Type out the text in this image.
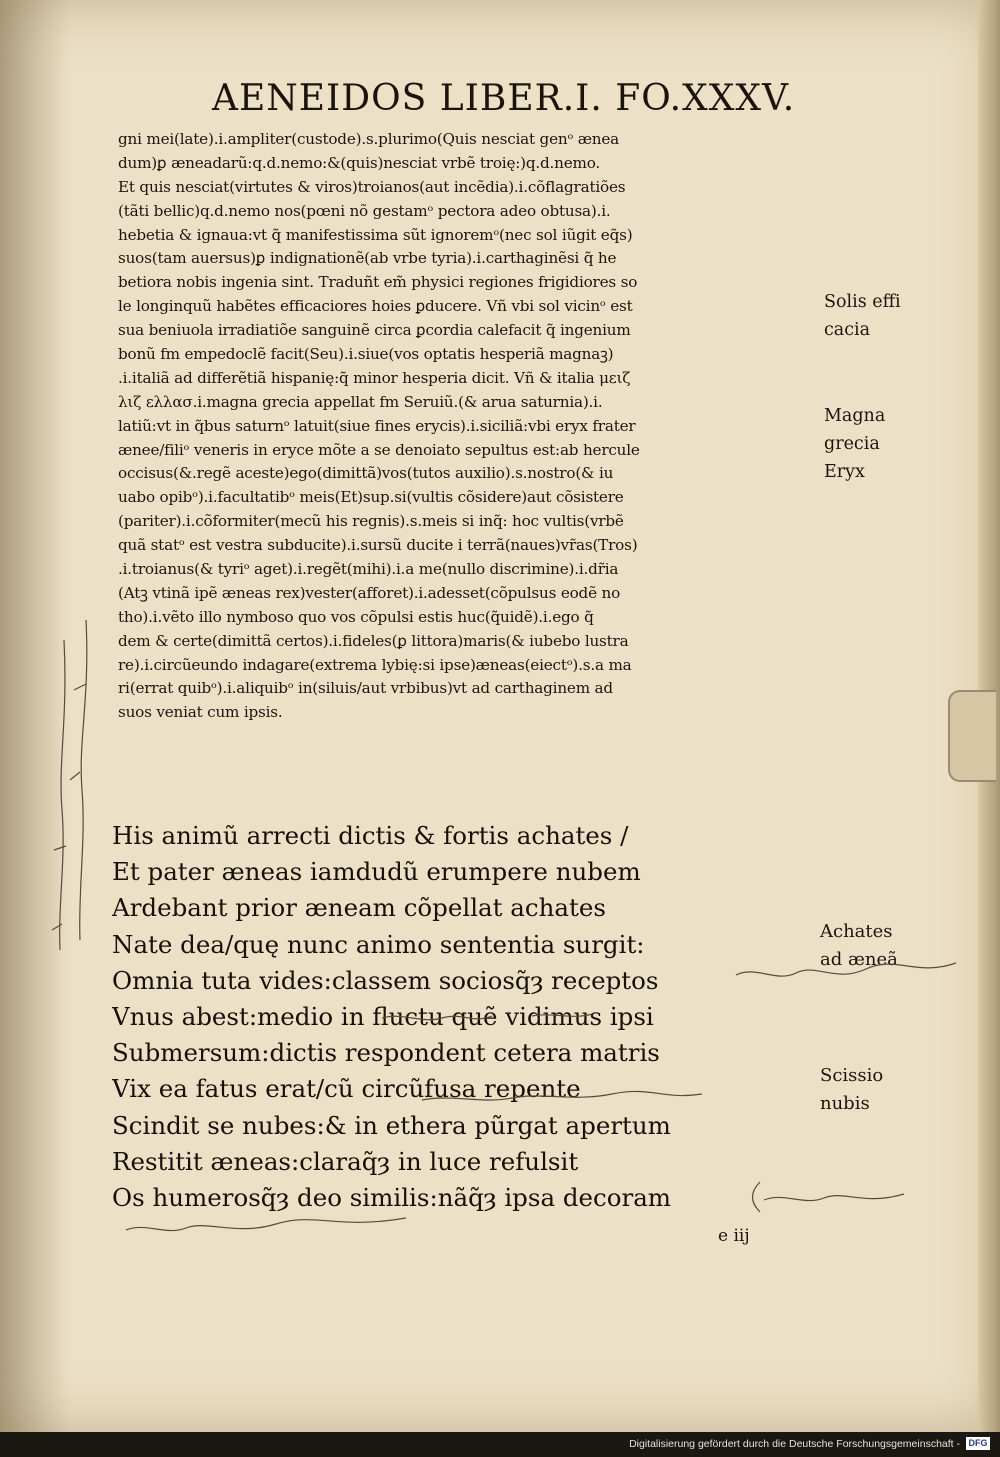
AENEIDOS LIBER.I. FO.XXXV.
gni mei(late).i.ampliter(custode).s.plurimo(Quis nesciat genᵒ ænea
dum)ꝑ æneadarũ:q.d.nemo:&(quis)nesciat vrbẽ troię:)q.d.nemo.
Et quis nesciat(virtutes & viros)troianos(aut incẽdia).i.cõflagratiões
(tãti bellic)q.d.nemo nos(pœni nõ gestamᵒ pectora adeo obtusa).i.
hebetia & ignaua:vt q̃ manifestissima sũt ignoremᵒ(nec sol iũgit eq̃s)
suos(tam auersus)ꝑ indignationẽ(ab vrbe tyria).i.carthaginẽsi q̃ he
betiora nobis ingenia sint. Traduñt em̃ physici regiones frigidiores so
le longinquũ habẽtes efficaciores hoies ꝑducere. Vñ vbi sol vicinᵒ est
sua beniuola irradiatiõe sanguinẽ circa ꝑcordia calefacit q̃ ingenium
bonũ fm empedoclẽ facit(Seu).i.siue(vos optatis hesperiã magnaꝫ)
.i.italiã ad differẽtiã hispanię:q̃ minor hesperia dicit. Vñ & italia μειζ
λιζ ελλασ.i.magna grecia appellat fm Seruiũ.(& arua saturnia).i.
latiũ:vt in q̃bus saturnᵒ latuit(siue fines erycis).i.siciliã:vbi eryx frater
ænee/filiᵒ veneris in eryce mõte a se denoiato sepultus est:ab hercule
occisus(&.regẽ aceste)ego(dimittã)vos(tutos auxilio).s.nostro(& iu
uabo opibᵒ).i.facultatibᵒ meis(Et)sup.si(vultis cõsidere)aut cõsistere
(pariter).i.cõformiter(mecũ his regnis).s.meis si inq̃: hoc vultis(vrbẽ
quã statᵒ est vestra subducite).i.sursũ ducite i terrã(naues)vr̃as(Tros)
.i.troianus(& tyriᵒ aget).i.regẽt(mihi).i.a me(nullo discrimine).i.dr̃ia
(Atꝫ vtinã ipẽ æneas rex)vester(afforet).i.adesset(cõpulsus eodẽ no
tho).i.vẽto illo nymboso quo vos cõpulsi estis huc(q̃uidẽ).i.ego q̃
dem & certe(dimittã certos).i.fideles(ꝑ littora)maris(& iubebo lustra
re).i.circũeundo indagare(extrema lybię:si ipse)æneas(eiectᵒ).s.a ma
ri(errat quibᵒ).i.aliquibᵒ in(siluis/aut vrbibus)vt ad carthaginem ad
suos veniat cum ipsis.
Solis effi
cacia
Magna
grecia
Eryx
His animũ arrecti dictis & fortis achates /
Et pater æneas iamdudũ erumpere nubem
Ardebant prior æneam cõpellat achates
Nate dea/quę nunc animo sententia surgit:
Omnia tuta vides:classem sociosq̃ȝ receptos
Vnus abest:medio in fluctu quẽ vidimus ipsi
Submersum:dictis respondent cetera matris
Vix ea fatus erat/cũ circũfusa repente
Scindit se nubes:& in ethera pũrgat apertum
Restitit æneas:claraq̃ȝ in luce refulsit
Os humerosq̃ȝ deo similis:nãq̃ȝ ipsa decoram
Achates
ad æneã
Scissio
nubis
e iij
Digitalisierung gefördert durch die Deutsche Forschungsgemeinschaft - DFG
